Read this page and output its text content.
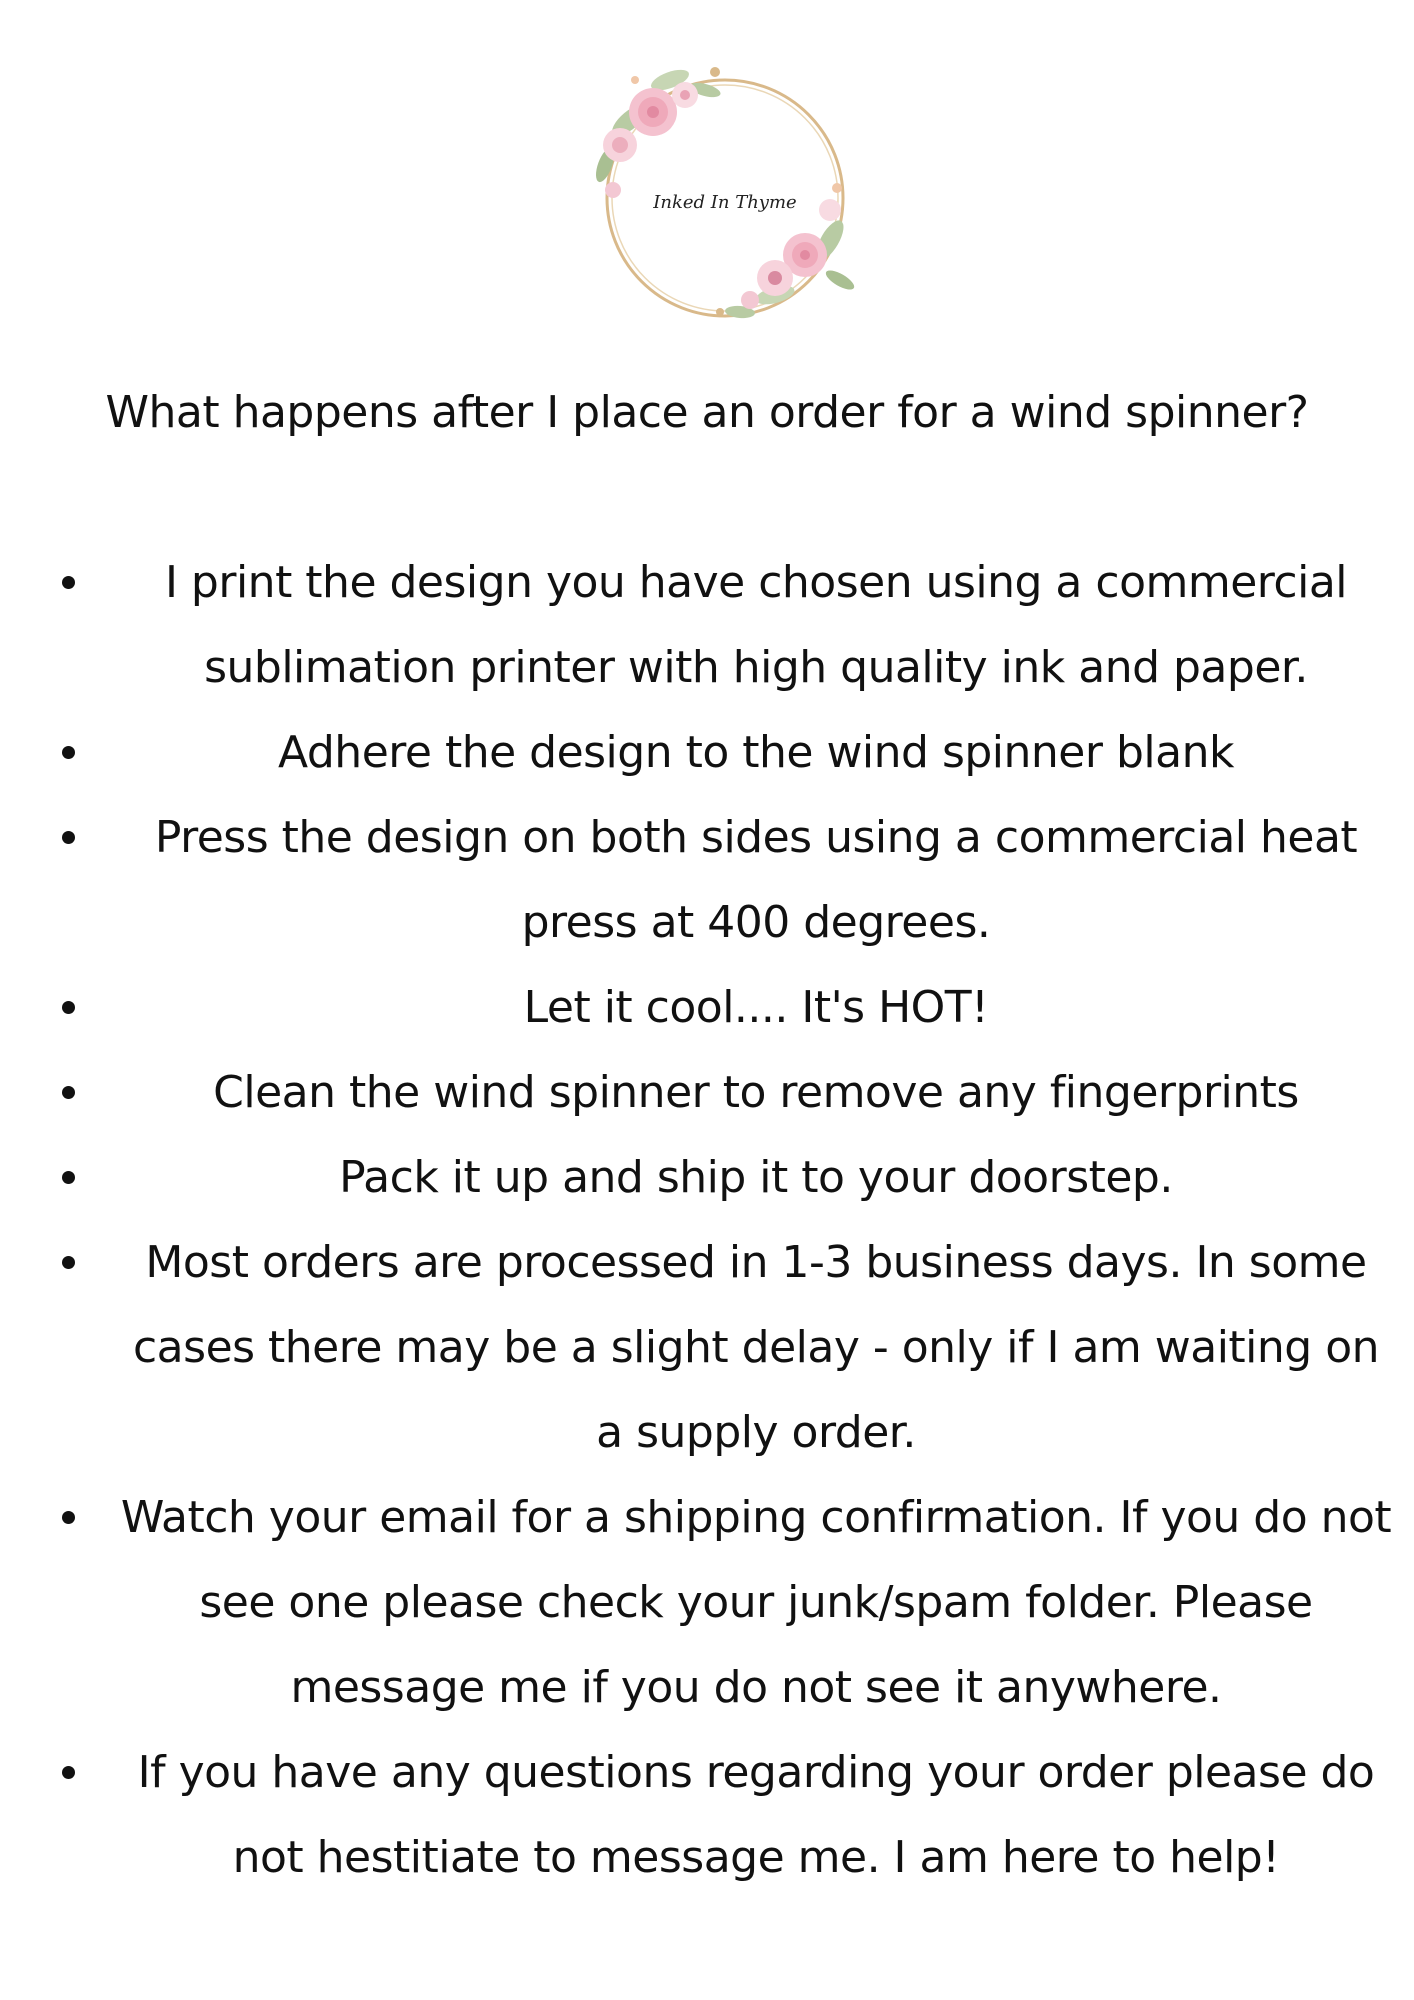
Inked In Thyme
What happens after I place an order for a wind spinner?
I print the design you have chosen using a commercial sublimation printer with high quality ink and paper.
Adhere the design to the wind spinner blank
Press the design on both sides using a commercial heat press at 400 degrees.
Let it cool.... It's HOT!
Clean the wind spinner to remove any fingerprints
Pack it up and ship it to your doorstep.
Most orders are processed in 1-3 business days. In some cases there may be a slight delay - only if I am waiting on a supply order.
Watch your email for a shipping confirmation. If you do not see one please check your junk/spam folder. Please message me if you do not see it anywhere.
If you have any questions regarding your order please do not hestitiate to message me. I am here to help!
